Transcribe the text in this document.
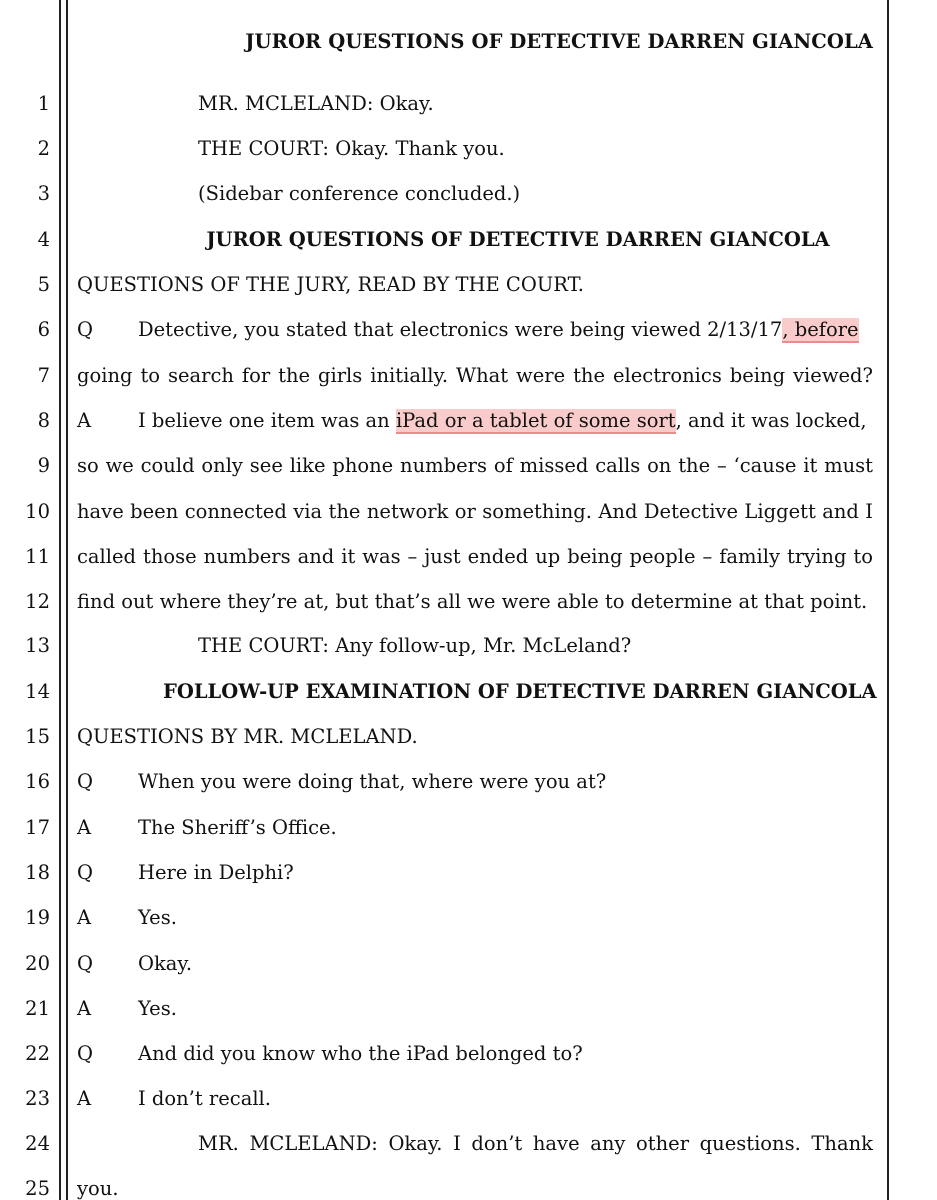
JUROR QUESTIONS OF DETECTIVE DARREN GIANCOLA
1	MR. MCLELAND: Okay.
2	THE COURT: Okay. Thank you.
3	(Sidebar conference concluded.)
4	JUROR QUESTIONS OF DETECTIVE DARREN GIANCOLA
5 QUESTIONS OF THE JURY, READ BY THE COURT.
6 Q Detective, you stated that electronics were being viewed 2/13/17, before
7 going to search for the girls initially. What were the electronics being viewed?
8 A I believe one item was an iPad or a tablet of some sort, and it was locked,
9 so we could only see like phone numbers of missed calls on the – ‘cause it must
10 have been connected via the network or something. And Detective Liggett and I
11 called those numbers and it was – just ended up being people – family trying to
12 find out where they’re at, but that’s all we were able to determine at that point.
13	THE COURT: Any follow-up, Mr. McLeland?
14	FOLLOW-UP EXAMINATION OF DETECTIVE DARREN GIANCOLA
15 QUESTIONS BY MR. MCLELAND.
16 Q When you were doing that, where were you at?
17 A The Sheriff’s Office.
18 Q Here in Delphi?
19 A Yes.
20 Q Okay.
21 A Yes.
22 Q And did you know who the iPad belonged to?
23 A I don’t recall.
24	MR. MCLELAND: Okay. I don’t have any other questions. Thank
25 you.
